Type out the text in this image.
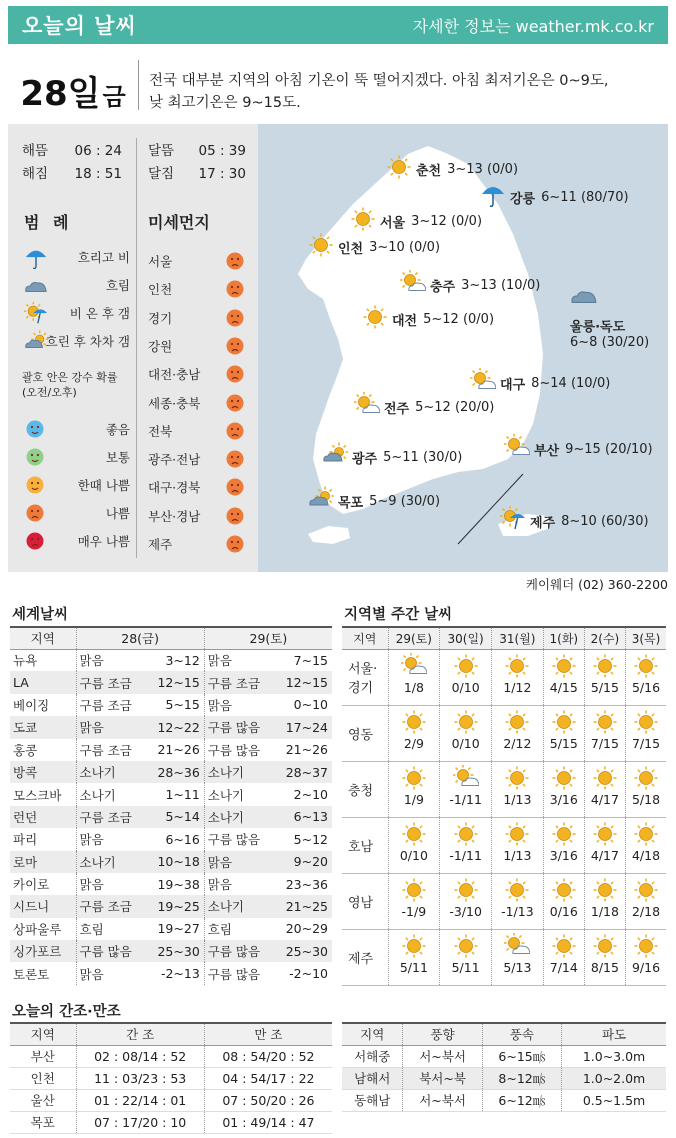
오늘의 날씨	자세한 정보는 weather.mk.co.kr
28일 금
전국 대부분 지역의 아침 기온이 뚝 떨어지겠다. 아침 최저기온은 0~9도,
낮 최고기온은 9~15도.
해뜸 06 : 24
해짐 18 : 51
달뜸 05 : 39
달짐 17 : 30
범 례	미세먼지
흐리고 비
흐림
비 온 후 갬
흐린 후 차차 갬
괄호 안은 강수 확률
(오전/오후)
좋음
보통
한때 나쁨
나쁨
매우 나쁨
서울
인천
경기
강원
대전·충남
세종·충북
전북
광주·전남
대구·경북
부산·경남
제주
춘천 3~13 (0/0)
강릉 6~11 (80/70)
서울 3~12 (0/0)
인천 3~10 (0/0)
충주 3~13 (10/0)
대전 5~12 (0/0)
울릉·독도
6~8 (30/20)
대구 8~14 (10/0)
전주 5~12 (20/0)
광주 5~11 (30/0)	부산 9~15 (20/10)
목포 5~9 (30/0)
제주 8~10 (60/30)
케이웨더 (02) 360-2200
세계날씨
지역	28(금)		29(토)	
뉴욕	맑음	3~12	맑음	7~15
LA	구름 조금	12~15	구름 조금	12~15
베이징	구름 조금	5~15	맑음	0~10
도쿄	맑음	12~22	구름 많음	17~24
홍콩	구름 조금	21~26	구름 많음	21~26
방콕	소나기	28~36	소나기	28~37
모스크바	소나기	1~11	소나기	2~10
런던	구름 조금	5~14	소나기	6~13
파리	맑음	6~16	구름 많음	5~12
로마	소나기	10~18	맑음	9~20
카이로	맑음	19~38	맑음	23~36
시드니	구름 조금	19~25	소나기	21~25
상파울루	흐림	19~27	흐림	20~29
싱가포르	구름 많음	25~30	구름 많음	25~30
토론토	맑음	-2~13	구름 많음	-2~10
지역별 주간 날씨
지역	29(토)	30(일)	31(월)	1(화)	2(수)	3(목)

서울·
경기	1/8	0/10	1/12	4/15	5/15	5/16

영동	2/9	0/10	2/12	5/15	7/15	7/15

충청	1/9	-1/11	1/13	3/16	4/17	5/18

호남	0/10	-1/11	1/13	3/16	4/17	4/18

영남	-1/9	-3/10	-1/13	0/16	1/18	2/18

제주	5/11	5/11	5/13	7/14	8/15	9/16
오늘의 간조·만조
지역	간 조	만 조
부산	02 : 08/14 : 52	08 : 54/20 : 52
인천	11 : 03/23 : 53	04 : 54/17 : 22
울산	01 : 22/14 : 01	07 : 50/20 : 26
목포	07 : 17/20 : 10	01 : 49/14 : 47
지역	풍향	풍속	파도
서해중	서~북서	6~15㎧	1.0~3.0m
남해서	북서~북	8~12㎧	1.0~2.0m
동해남	서~북서	6~12㎧	0.5~1.5m
